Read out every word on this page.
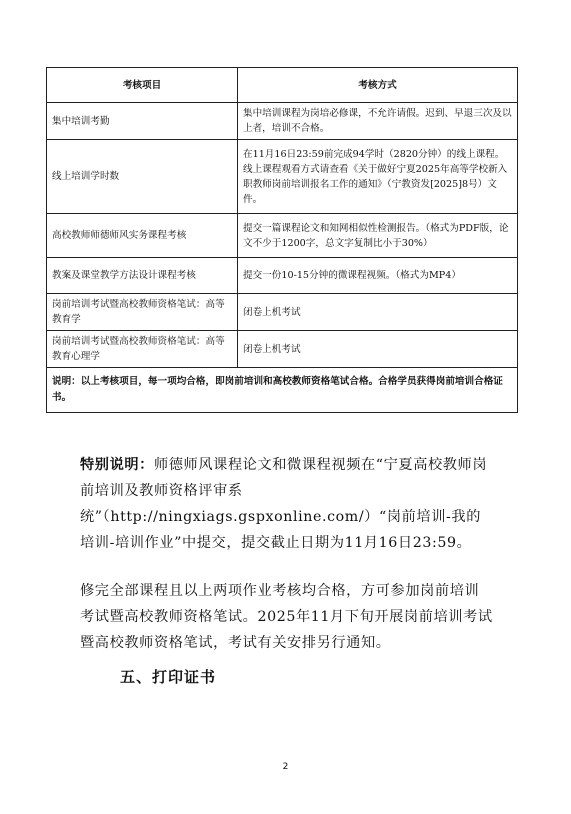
考核项目	考核方式
集中培训考勤	集中培训课程为岗培必修课，不允许请假。迟到、早退三次及以上者，培训不合格。
线上培训学时数	在11月16日23:59前完成94学时（2820分钟）的线上课程。线上课程观看方式请查看《关于做好宁夏2025年高等学校新入职教师岗前培训报名工作的通知》（宁教资发[2025]8号）文件。
高校教师师德师风实务课程考核	提交一篇课程论文和知网相似性检测报告。（格式为PDF版，论文不少于1200字，总文字复制比小于30%）
教案及课堂教学方法设计课程考核	提交一份10-15分钟的微课程视频。（格式为MP4）
岗前培训考试暨高校教师资格笔试：高等教育学	闭卷上机考试
岗前培训考试暨高校教师资格笔试：高等教育心理学	闭卷上机考试
说明：以上考核项目，每一项均合格，即岗前培训和高校教师资格笔试合格。合格学员获得岗前培训合格证书。	
特别说明：师德师风课程论文和微课程视频在“宁夏高校教师岗前培训及教师资格评审系统”（http://ningxiags.gspxonline.com/）“岗前培训-我的培训-培训作业”中提交，提交截止日期为11月16日23:59。
修完全部课程且以上两项作业考核均合格，方可参加岗前培训考试暨高校教师资格笔试。2025年11月下旬开展岗前培训考试暨高校教师资格笔试，考试有关安排另行通知。
五、打印证书
2
